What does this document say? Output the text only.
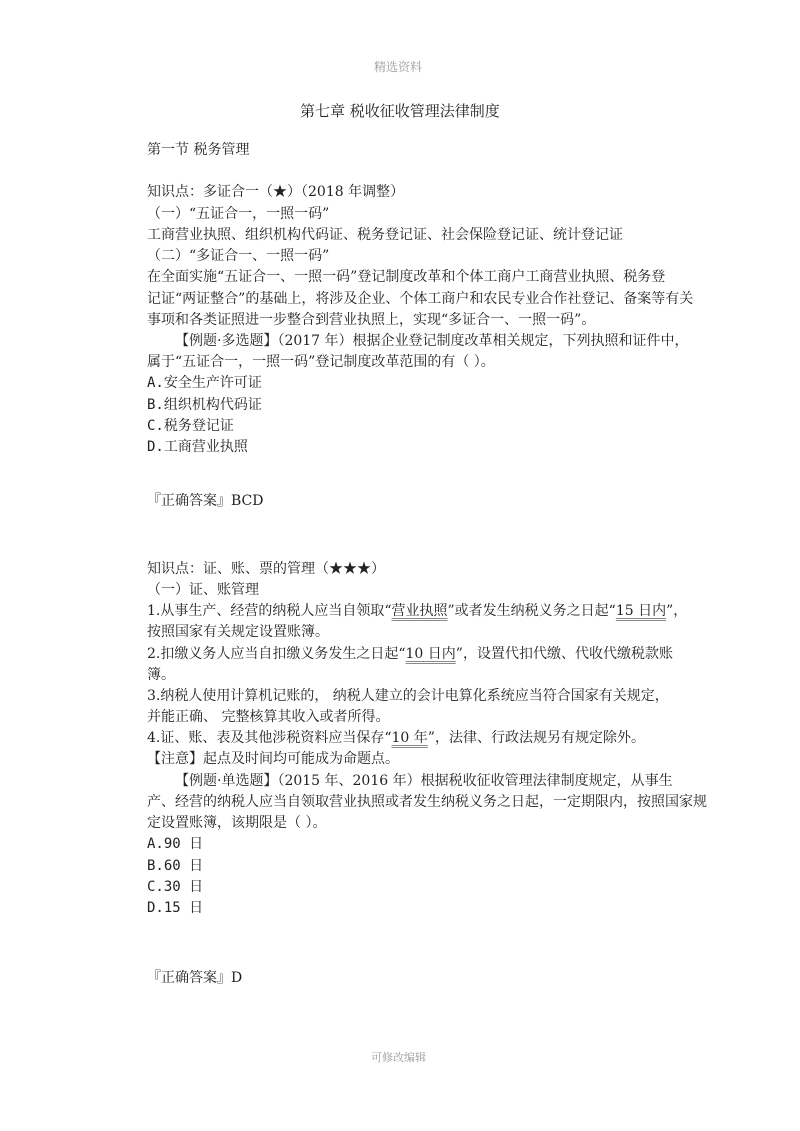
精选资料
第七章 税收征收管理法律制度
第一节 税务管理
知识点：多证合一（★）（2018 年调整）
（一）“五证合一，一照一码”
工商营业执照、组织机构代码证、税务登记证、社会保险登记证、统计登记证
（二）“多证合一、一照一码”
在全面实施“五证合一、一照一码”登记制度改革和个体工商户工商营业执照、税务登
记证“两证整合”的基础上，将涉及企业、个体工商户和农民专业合作社登记、备案等有关
事项和各类证照进一步整合到营业执照上，实现“多证合一、一照一码”。
【例题·多选题】（2017 年）根据企业登记制度改革相关规定，下列执照和证件中，
属于“五证合一，一照一码”登记制度改革范围的有（ ）。
A.安全生产许可证
B.组织机构代码证
C.税务登记证
D.工商营业执照
『正确答案』BCD
知识点：证、账、票的管理（★★★）
（一）证、账管理
1.从事生产、经营的纳税人应当自领取“营业执照”或者发生纳税义务之日起“15 日内”，
按照国家有关规定设置账簿。
2.扣缴义务人应当自扣缴义务发生之日起“10 日内”，设置代扣代缴、代收代缴税款账
簿。
3.纳税人使用计算机记账的， 纳税人建立的会计电算化系统应当符合国家有关规定，
并能正确、 完整核算其收入或者所得。
4.证、账、表及其他涉税资料应当保存“10 年”，法律、行政法规另有规定除外。
【注意】起点及时间均可能成为命题点。
【例题·单选题】（2015 年、2016 年）根据税收征收管理法律制度规定，从事生
产、经营的纳税人应当自领取营业执照或者发生纳税义务之日起，一定期限内，按照国家规
定设置账簿，该期限是（ ）。
A.90 日
B.60 日
C.30 日
D.15 日
『正确答案』D
可修改编辑
